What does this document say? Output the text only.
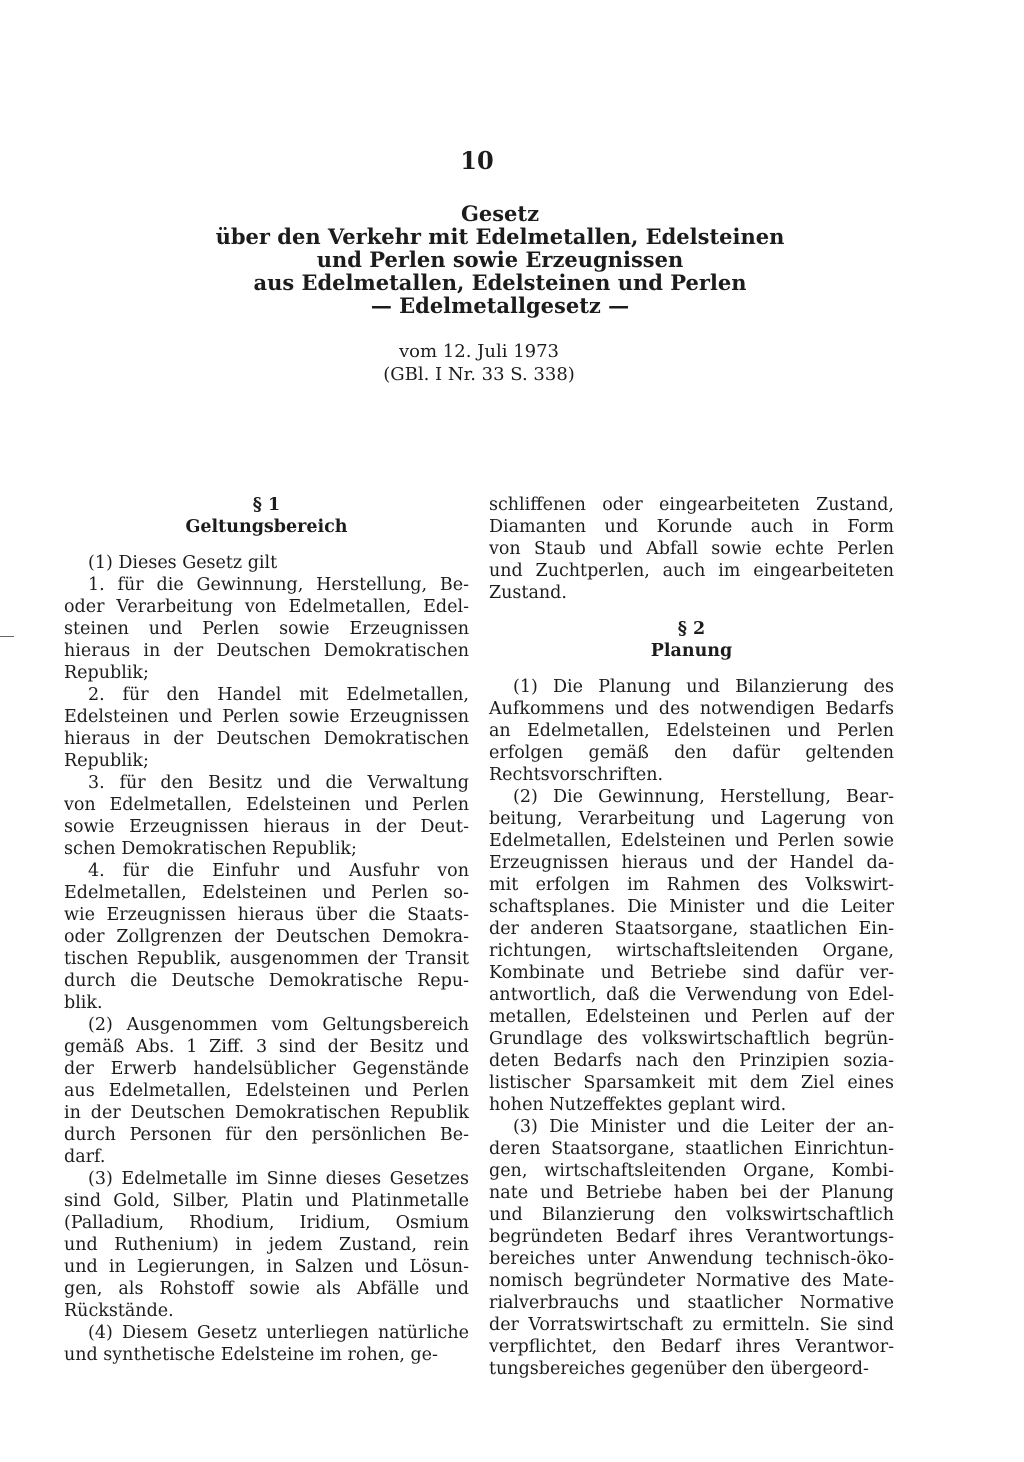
10
Gesetz
über den Verkehr mit Edelmetallen, Edelsteinen
und Perlen sowie Erzeugnissen
aus Edelmetallen, Edelsteinen und Perlen
— Edelmetallgesetz —
vom 12. Juli 1973
(GBl. I Nr. 33 S. 338)
§ 1
Geltungsbereich
(1) Dieses Gesetz gilt
1. für die Gewinnung, Herstellung, Be-
oder Verarbeitung von Edelmetallen, Edel-
steinen und Perlen sowie Erzeugnissen
hieraus in der Deutschen Demokratischen
Republik;
2. für den Handel mit Edelmetallen,
Edelsteinen und Perlen sowie Erzeugnissen
hieraus in der Deutschen Demokratischen
Republik;
3. für den Besitz und die Verwaltung
von Edelmetallen, Edelsteinen und Perlen
sowie Erzeugnissen hieraus in der Deut-
schen Demokratischen Republik;
4. für die Einfuhr und Ausfuhr von
Edelmetallen, Edelsteinen und Perlen so-
wie Erzeugnissen hieraus über die Staats-
oder Zollgrenzen der Deutschen Demokra-
tischen Republik, ausgenommen der Transit
durch die Deutsche Demokratische Repu-
blik.
(2) Ausgenommen vom Geltungsbereich
gemäß Abs. 1 Ziff. 3 sind der Besitz und
der Erwerb handelsüblicher Gegenstände
aus Edelmetallen, Edelsteinen und Perlen
in der Deutschen Demokratischen Republik
durch Personen für den persönlichen Be-
darf.
(3) Edelmetalle im Sinne dieses Gesetzes
sind Gold, Silber, Platin und Platinmetalle
(Palladium, Rhodium, Iridium, Osmium
und Ruthenium) in jedem Zustand, rein
und in Legierungen, in Salzen und Lösun-
gen, als Rohstoff sowie als Abfälle und
Rückstände.
(4) Diesem Gesetz unterliegen natürliche
und synthetische Edelsteine im rohen, ge-
schliffenen oder eingearbeiteten Zustand,
Diamanten und Korunde auch in Form
von Staub und Abfall sowie echte Perlen
und Zuchtperlen, auch im eingearbeiteten
Zustand.
§ 2
Planung
(1) Die Planung und Bilanzierung des
Aufkommens und des notwendigen Bedarfs
an Edelmetallen, Edelsteinen und Perlen
erfolgen gemäß den dafür geltenden
Rechtsvorschriften.
(2) Die Gewinnung, Herstellung, Bear-
beitung, Verarbeitung und Lagerung von
Edelmetallen, Edelsteinen und Perlen sowie
Erzeugnissen hieraus und der Handel da-
mit erfolgen im Rahmen des Volkswirt-
schaftsplanes. Die Minister und die Leiter
der anderen Staatsorgane, staatlichen Ein-
richtungen, wirtschaftsleitenden Organe,
Kombinate und Betriebe sind dafür ver-
antwortlich, daß die Verwendung von Edel-
metallen, Edelsteinen und Perlen auf der
Grundlage des volkswirtschaftlich begrün-
deten Bedarfs nach den Prinzipien sozia-
listischer Sparsamkeit mit dem Ziel eines
hohen Nutzeffektes geplant wird.
(3) Die Minister und die Leiter der an-
deren Staatsorgane, staatlichen Einrichtun-
gen, wirtschaftsleitenden Organe, Kombi-
nate und Betriebe haben bei der Planung
und Bilanzierung den volkswirtschaftlich
begründeten Bedarf ihres Verantwortungs-
bereiches unter Anwendung technisch-öko-
nomisch begründeter Normative des Mate-
rialverbrauchs und staatlicher Normative
der Vorratswirtschaft zu ermitteln. Sie sind
verpflichtet, den Bedarf ihres Verantwor-
tungsbereiches gegenüber den übergeord-
